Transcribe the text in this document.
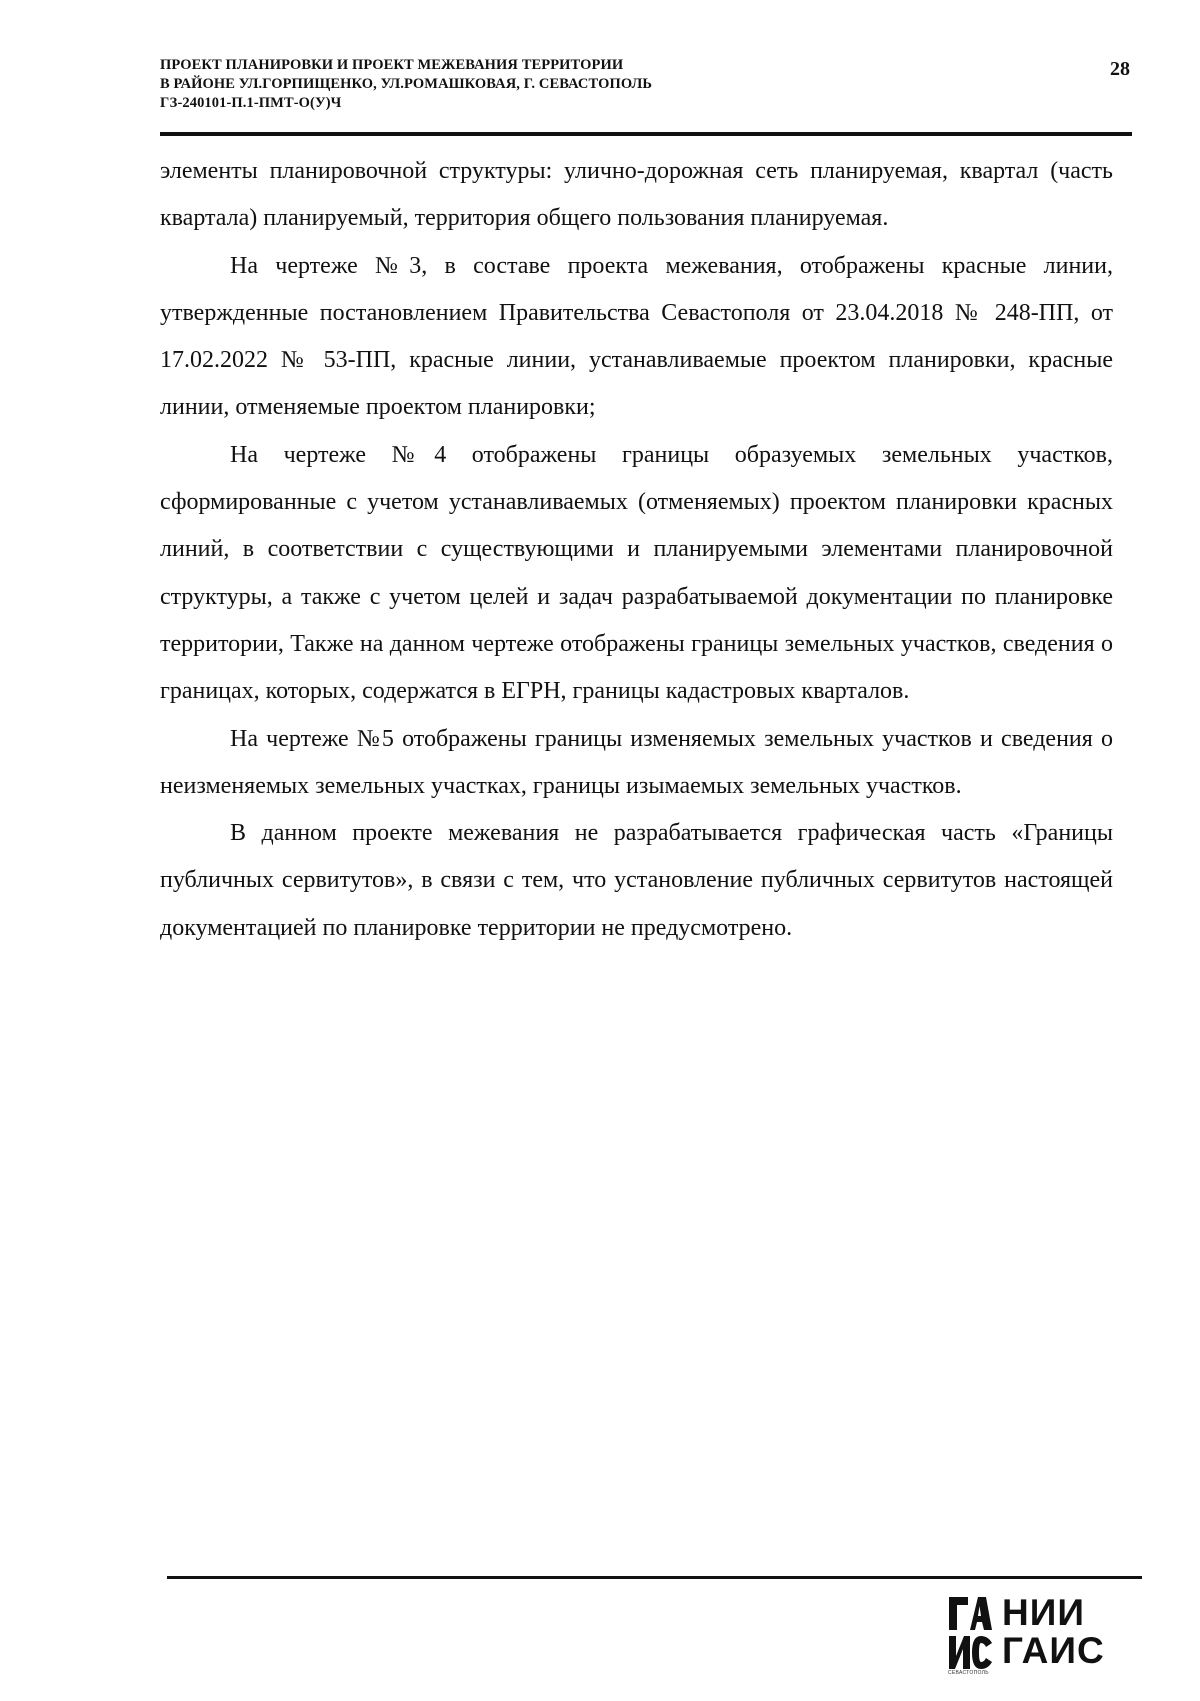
ПРОЕКТ ПЛАНИРОВКИ И ПРОЕКТ МЕЖЕВАНИЯ ТЕРРИТОРИИ
В РАЙОНЕ УЛ.ГОРПИЩЕНКО, УЛ.РОМАШКОВАЯ, Г. СЕВАСТОПОЛЬ
ГЗ-240101-П.1-ПМТ-О(У)Ч
28

элементы планировочной структуры: улично-дорожная сеть планируемая, квартал (часть квартала) планируемый, территория общего пользования планируемая.

На чертеже №3, в составе проекта межевания, отображены красные линии, утвержденные постановлением Правительства Севастополя от 23.04.2018 № 248-ПП, от 17.02.2022 № 53-ПП, красные линии, устанавливаемые проектом планировки, красные линии, отменяемые проектом планировки;

На чертеже №4 отображены границы образуемых земельных участков, сформированные с учетом устанавливаемых (отменяемых) проектом планировки красных линий, в соответствии с существующими и планируемыми элементами планировочной структуры, а также с учетом целей и задач разрабатываемой документации по планировке территории, Также на данном чертеже отображены границы земельных участков, сведения о границах, которых, содержатся в ЕГРН, границы кадастровых кварталов.

На чертеже №5 отображены границы изменяемых земельных участков и сведения о неизменяемых земельных участках, границы изымаемых земельных участков.

В данном проекте межевания не разрабатывается графическая часть «Границы публичных сервитутов», в связи с тем, что установление публичных сервитутов настоящей документацией по планировке территории не предусмотрено.

НИИ
ГАИС
СЕВАСТОПОЛЬ
